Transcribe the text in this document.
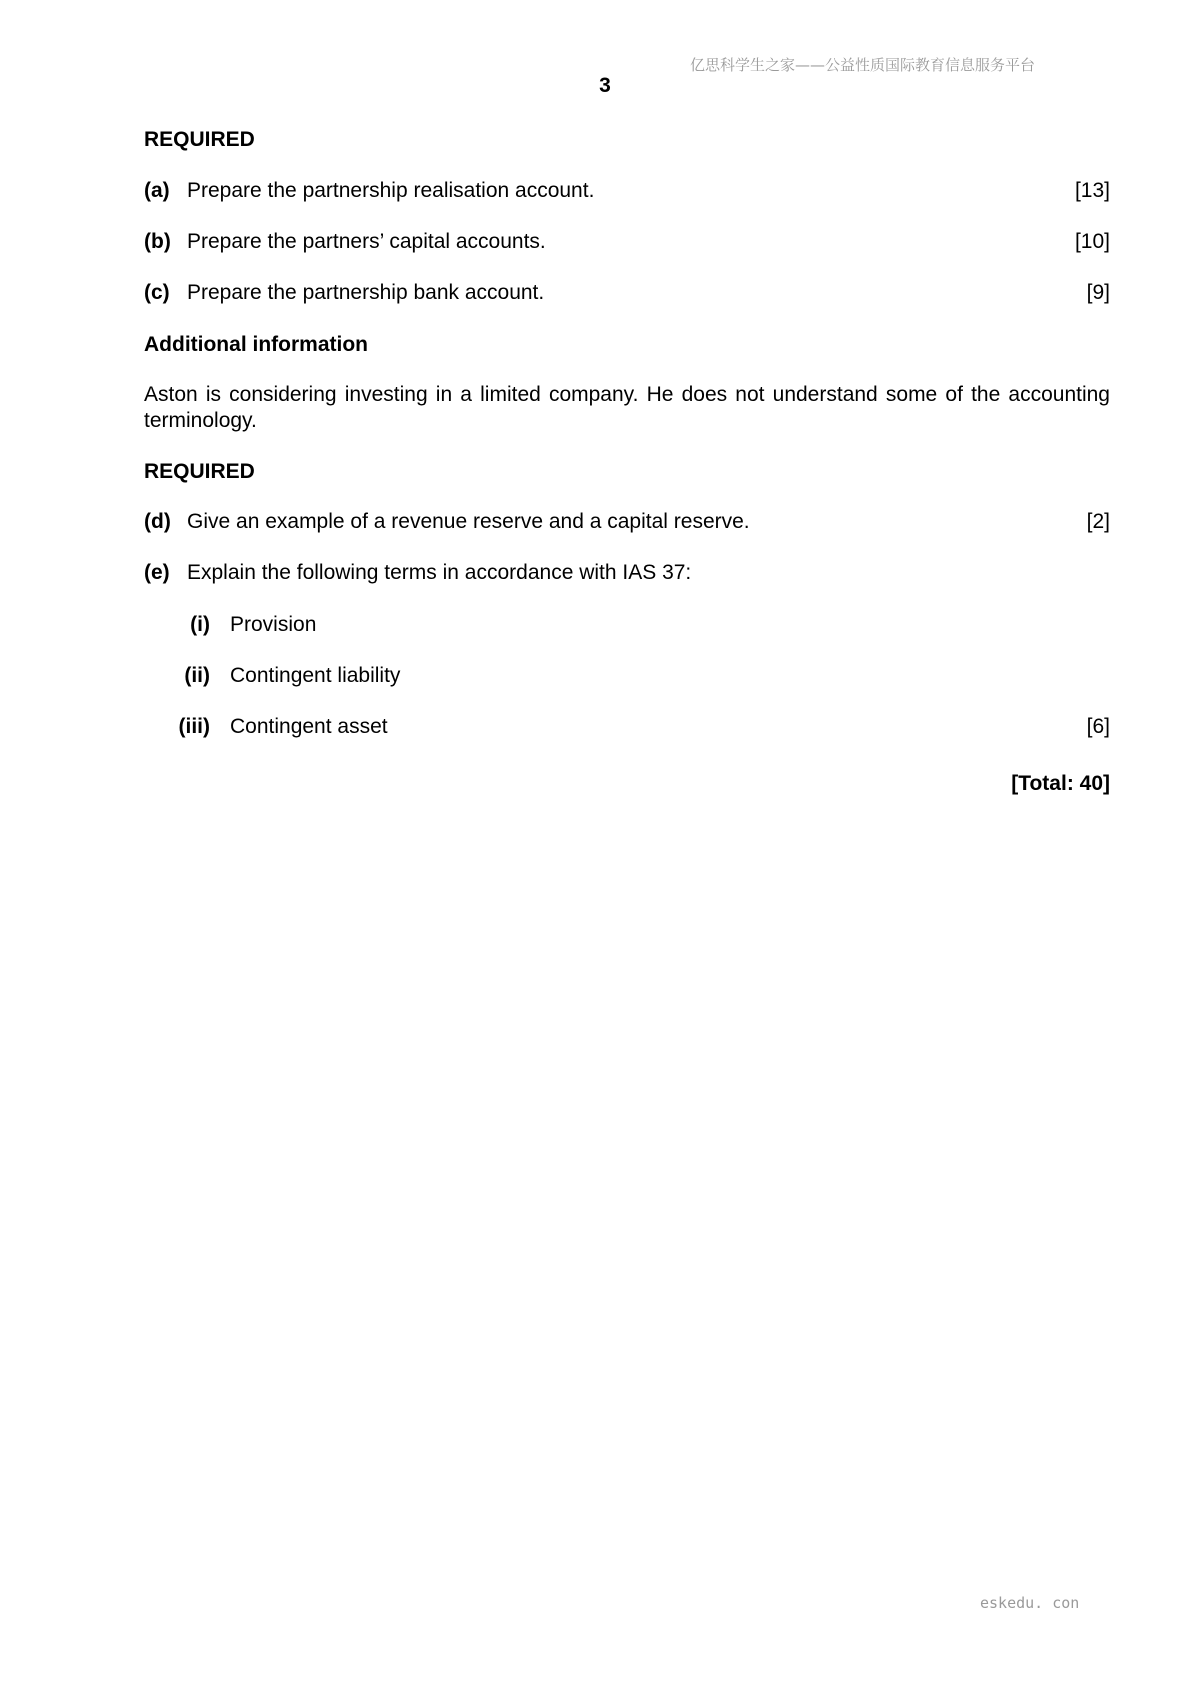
亿思科学生之家——公益性质国际教育信息服务平台
3
REQUIRED
(a) Prepare the partnership realisation account.	[13]
(b) Prepare the partners’ capital accounts.	[10]
(c) Prepare the partnership bank account.	[9]
Additional information
Aston is considering investing in a limited company. He does not understand some of the accounting terminology.
REQUIRED
(d) Give an example of a revenue reserve and a capital reserve.	[2]
(e) Explain the following terms in accordance with IAS 37:
(i) Provision
(ii) Contingent liability
(iii) Contingent asset	[6]
[Total: 40]
eskedu. con
